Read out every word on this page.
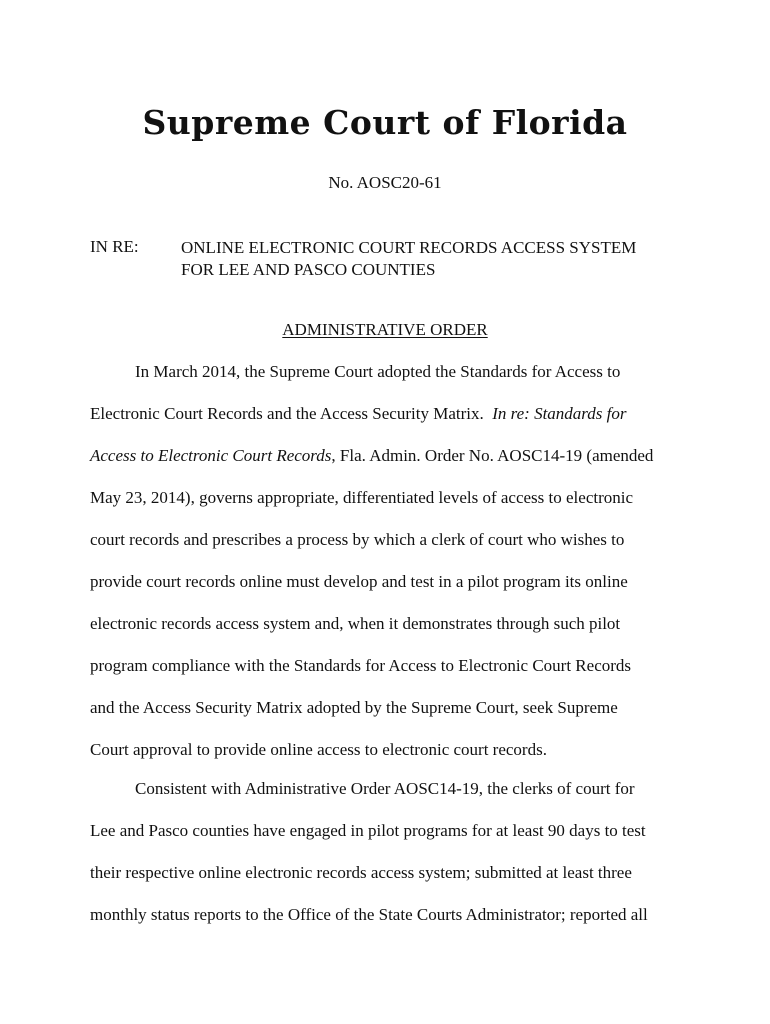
Supreme Court of Florida
No. AOSC20-61
IN RE: ONLINE ELECTRONIC COURT RECORDS ACCESS SYSTEM
FOR LEE AND PASCO COUNTIES
ADMINISTRATIVE ORDER
In March 2014, the Supreme Court adopted the Standards for Access to
Electronic Court Records and the Access Security Matrix. In re: Standards for
Access to Electronic Court Records, Fla. Admin. Order No. AOSC14-19 (amended
May 23, 2014), governs appropriate, differentiated levels of access to electronic
court records and prescribes a process by which a clerk of court who wishes to
provide court records online must develop and test in a pilot program its online
electronic records access system and, when it demonstrates through such pilot
program compliance with the Standards for Access to Electronic Court Records
and the Access Security Matrix adopted by the Supreme Court, seek Supreme
Court approval to provide online access to electronic court records.
Consistent with Administrative Order AOSC14-19, the clerks of court for
Lee and Pasco counties have engaged in pilot programs for at least 90 days to test
their respective online electronic records access system; submitted at least three
monthly status reports to the Office of the State Courts Administrator; reported all
